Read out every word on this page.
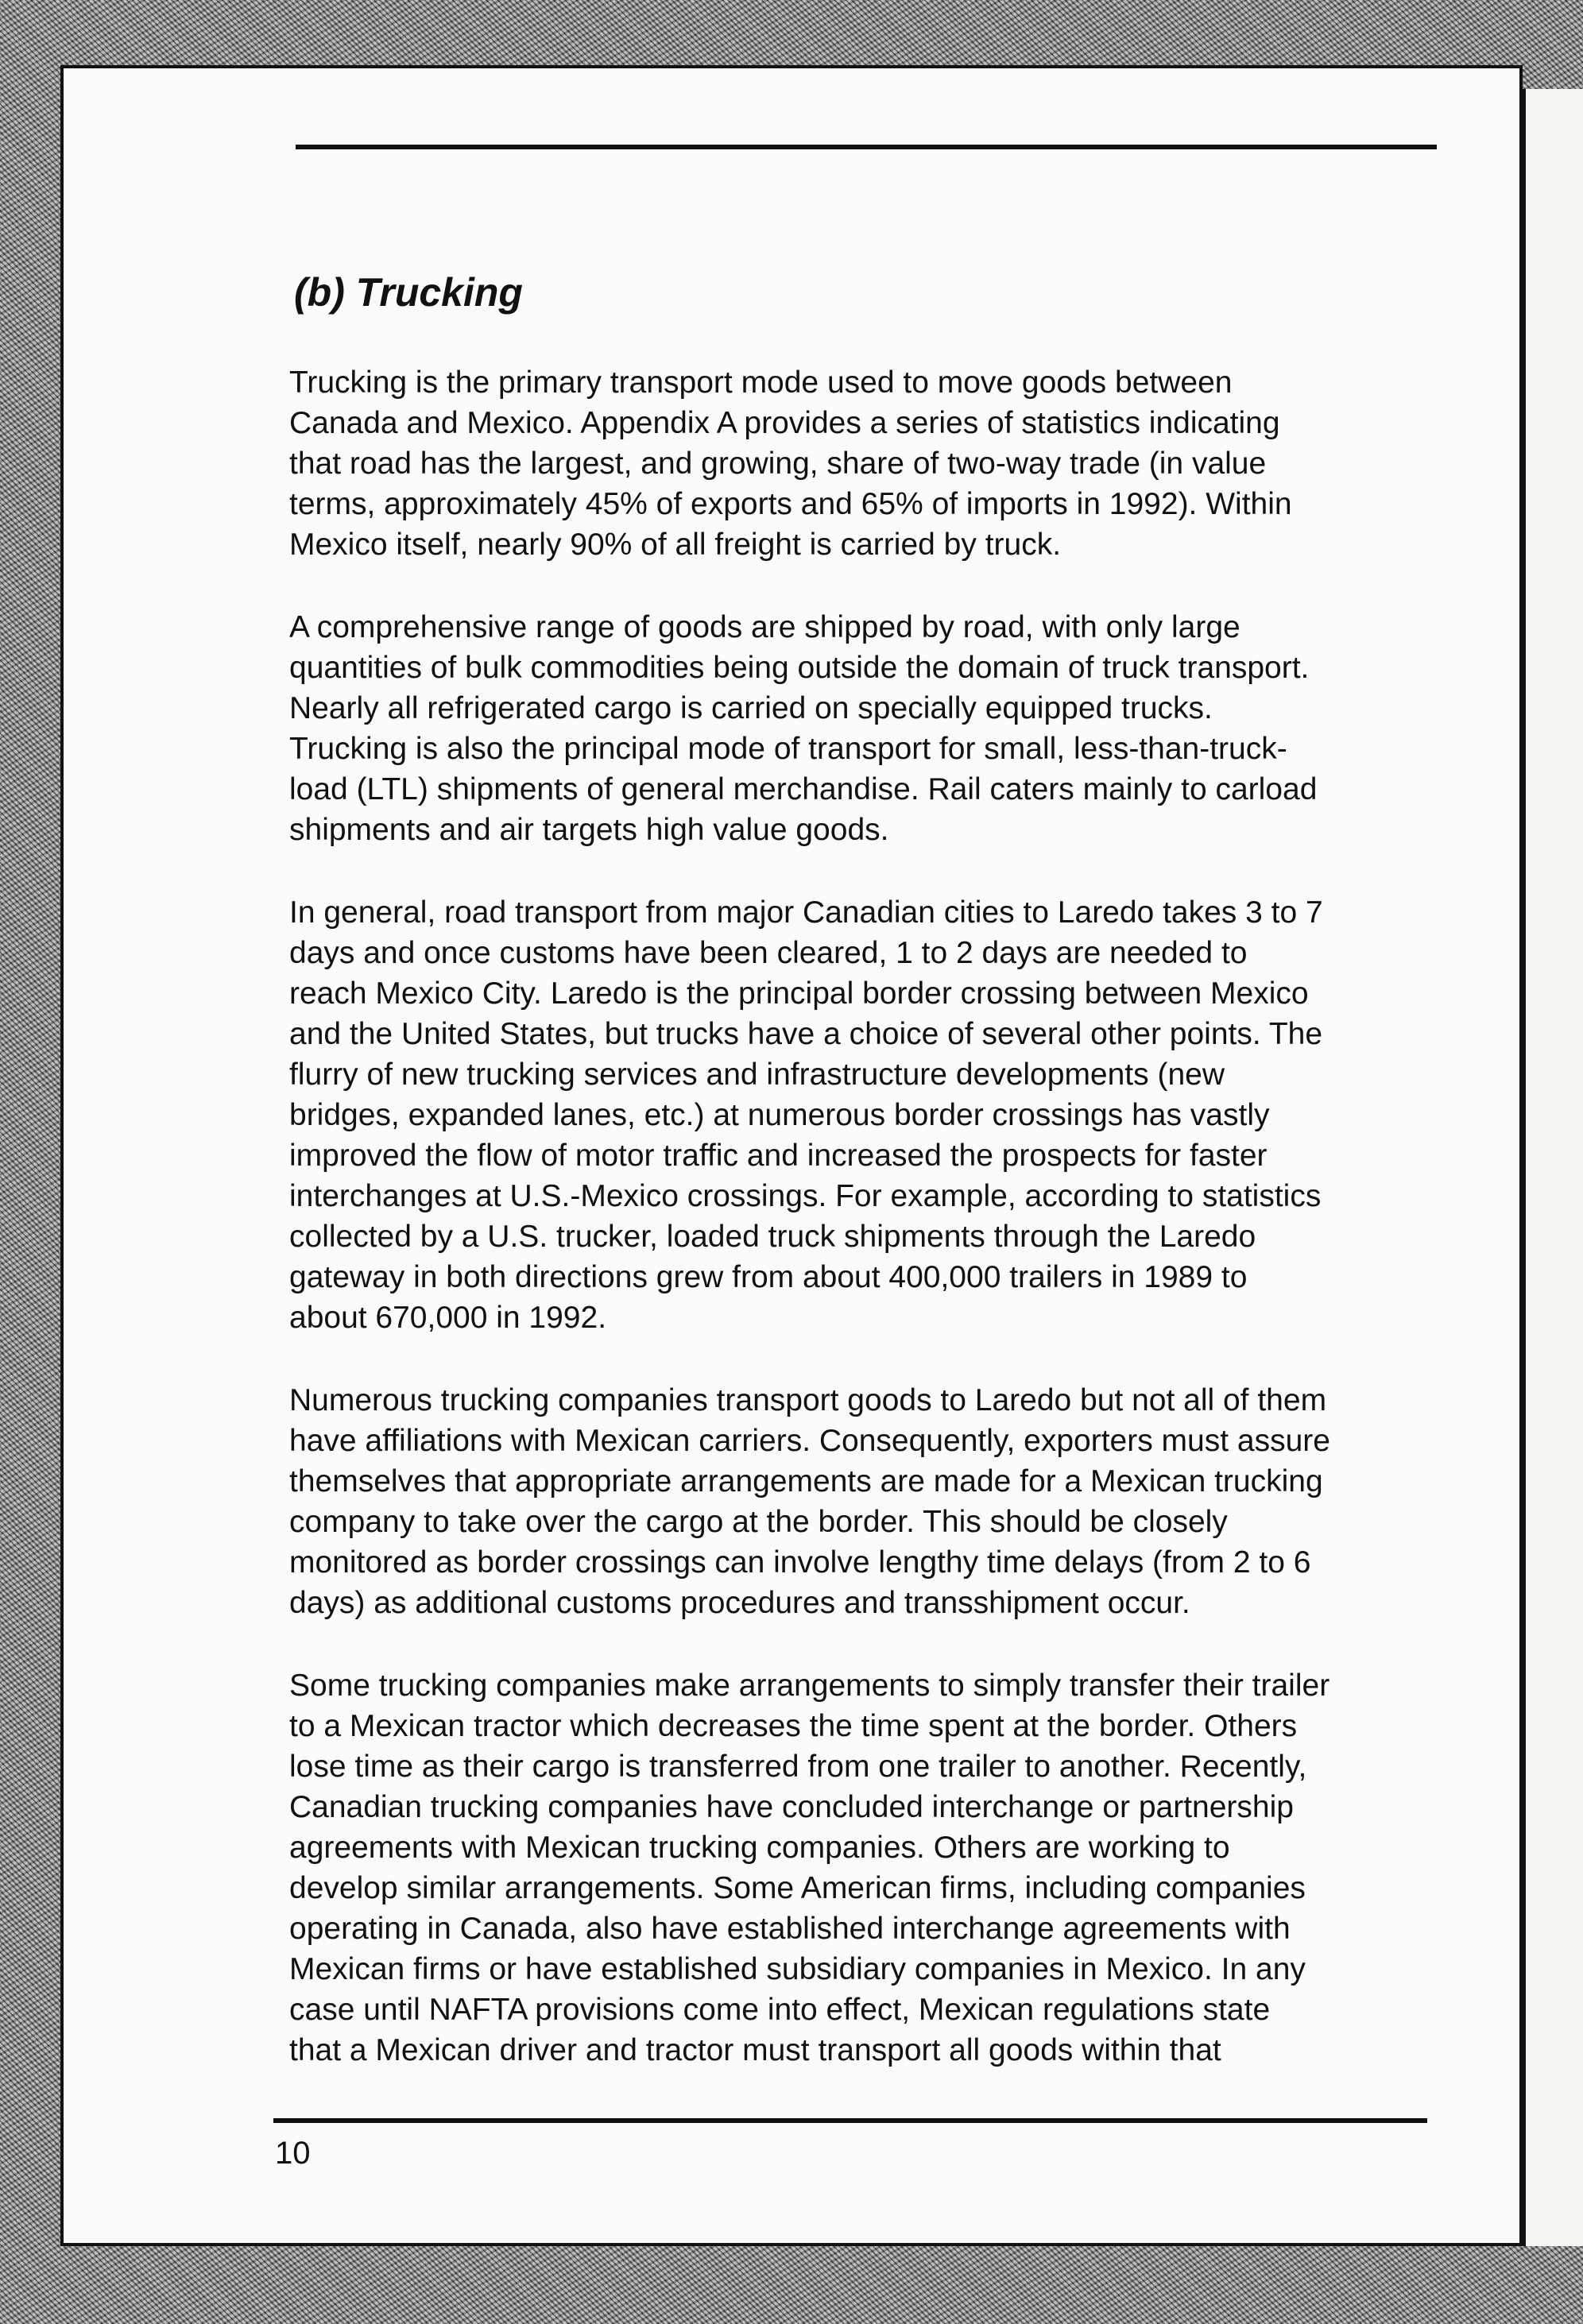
(b) Trucking

Trucking is the primary transport mode used to move goods between
Canada and Mexico. Appendix A provides a series of statistics indicating
that road has the largest, and growing, share of two-way trade (in value
terms, approximately 45% of exports and 65% of imports in 1992). Within
Mexico itself, nearly 90% of all freight is carried by truck.

A comprehensive range of goods are shipped by road, with only large
quantities of bulk commodities being outside the domain of truck transport.
Nearly all refrigerated cargo is carried on specially equipped trucks.
Trucking is also the principal mode of transport for small, less-than-truck-
load (LTL) shipments of general merchandise. Rail caters mainly to carload
shipments and air targets high value goods.

In general, road transport from major Canadian cities to Laredo takes 3 to 7
days and once customs have been cleared, 1 to 2 days are needed to
reach Mexico City. Laredo is the principal border crossing between Mexico
and the United States, but trucks have a choice of several other points. The
flurry of new trucking services and infrastructure developments (new
bridges, expanded lanes, etc.) at numerous border crossings has vastly
improved the flow of motor traffic and increased the prospects for faster
interchanges at U.S.-Mexico crossings. For example, according to statistics
collected by a U.S. trucker, loaded truck shipments through the Laredo
gateway in both directions grew from about 400,000 trailers in 1989 to
about 670,000 in 1992.

Numerous trucking companies transport goods to Laredo but not all of them
have affiliations with Mexican carriers. Consequently, exporters must assure
themselves that appropriate arrangements are made for a Mexican trucking
company to take over the cargo at the border. This should be closely
monitored as border crossings can involve lengthy time delays (from 2 to 6
days) as additional customs procedures and transshipment occur.

Some trucking companies make arrangements to simply transfer their trailer
to a Mexican tractor which decreases the time spent at the border. Others
lose time as their cargo is transferred from one trailer to another. Recently,
Canadian trucking companies have concluded interchange or partnership
agreements with Mexican trucking companies. Others are working to
develop similar arrangements. Some American firms, including companies
operating in Canada, also have established interchange agreements with
Mexican firms or have established subsidiary companies in Mexico. In any
case until NAFTA provisions come into effect, Mexican regulations state
that a Mexican driver and tractor must transport all goods within that

10
